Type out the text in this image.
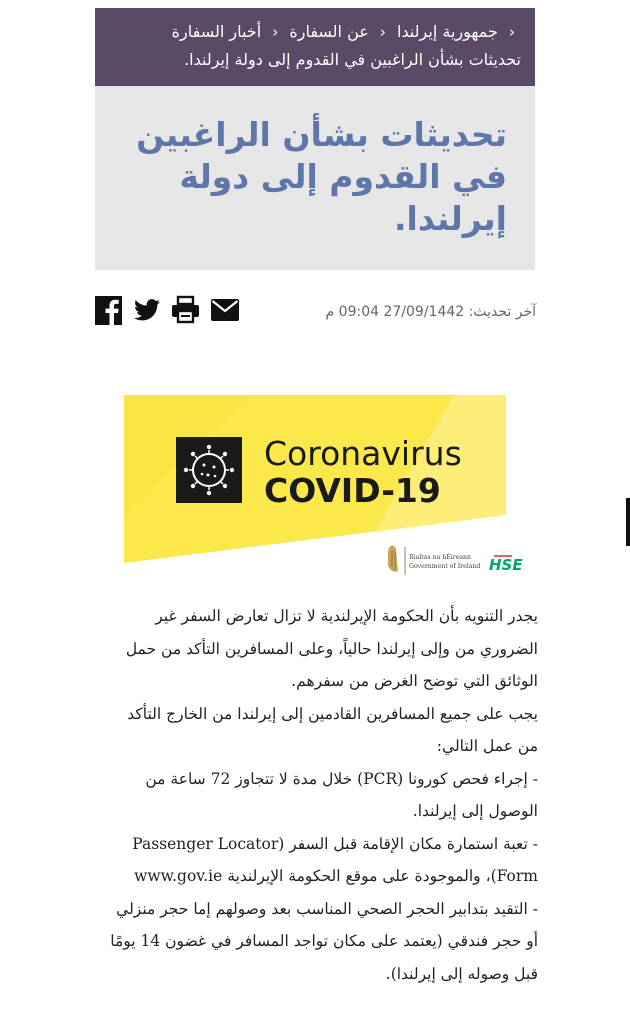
‹ جمهورية إيرلندا ‹ عن السفارة ‹ أخبار السفارة
تحديثات بشأن الراغبين في القدوم إلى دولة إيرلندا.
تحديثات بشأن الراغبين في القدوم إلى دولة إيرلندا.
آخر تحديث: 27/09/1442 09:04 م
Coronavirus
COVID-19
Rialtas na hÉireann
Government of Ireland HSE

يجدر التنويه بأن الحكومة الإيرلندية لا تزال تعارض السفر غير الضروري من وإلى إيرلندا حالياً، وعلى المسافرين التأكد من حمل الوثائق التي توضح الغرض من سفرهم.

يجب على جميع المسافرين القادمين إلى إيرلندا من الخارج التأكد من عمل التالي:

- إجراء فحص كورونا (PCR) خلال مدة لا تتجاوز 72 ساعة من الوصول إلى إيرلندا.

- تعبة استمارة مكان الإقامة قبل السفر (Passenger Locator Form)، والموجودة على موقع الحكومة الإيرلندية www.gov.ie

- التقيد بتدابير الحجر الصحي المناسب بعد وصولهم إما حجر منزلي أو حجر فندقي (يعتمد على مكان تواجد المسافر في غضون 14 يومًا قبل وصوله إلى إيرلندا).
